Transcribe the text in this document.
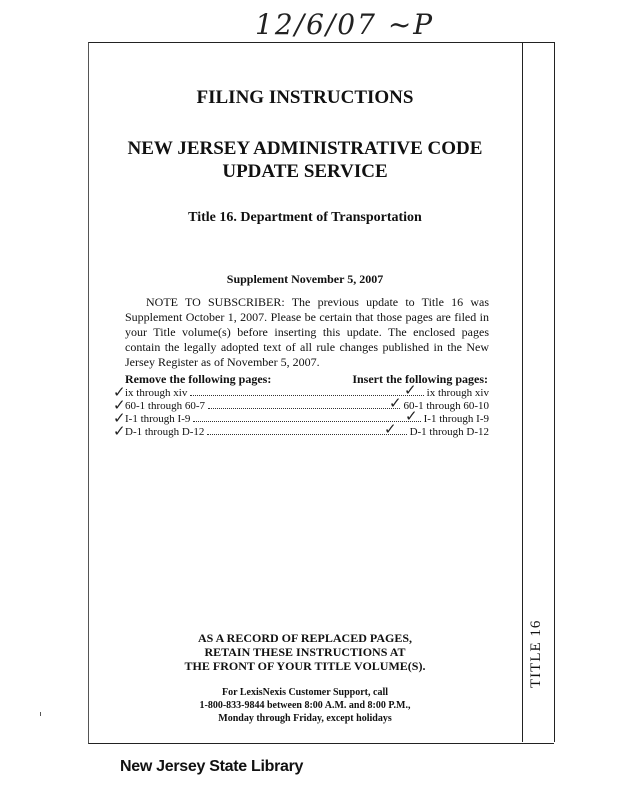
12/6/07 ~P
FILING INSTRUCTIONS
NEW JERSEY ADMINISTRATIVE CODE
UPDATE SERVICE
Title 16. Department of Transportation
Supplement November 5, 2007
NOTE TO SUBSCRIBER: The previous update to Title 16 was Supplement October 1, 2007. Please be certain that those pages are filed in your Title volume(s) before inserting this update. The enclosed pages contain the legally adopted text of all rule changes published in the New Jersey Register as of November 5, 2007.
Remove the following pages:	Insert the following pages:
ix through xiv	ix through xiv
60-1 through 60-7	60-1 through 60-10
I-1 through I-9	I-1 through I-9
D-1 through D-12	D-1 through D-12
✓
✓
✓
✓
✓
✓
✓
✓
AS A RECORD OF REPLACED PAGES,
RETAIN THESE INSTRUCTIONS AT
THE FRONT OF YOUR TITLE VOLUME(S).
For LexisNexis Customer Support, call
1-800-833-9844 between 8:00 A.M. and 8:00 P.M.,
Monday through Friday, except holidays
TITLE 16
New Jersey State Library
